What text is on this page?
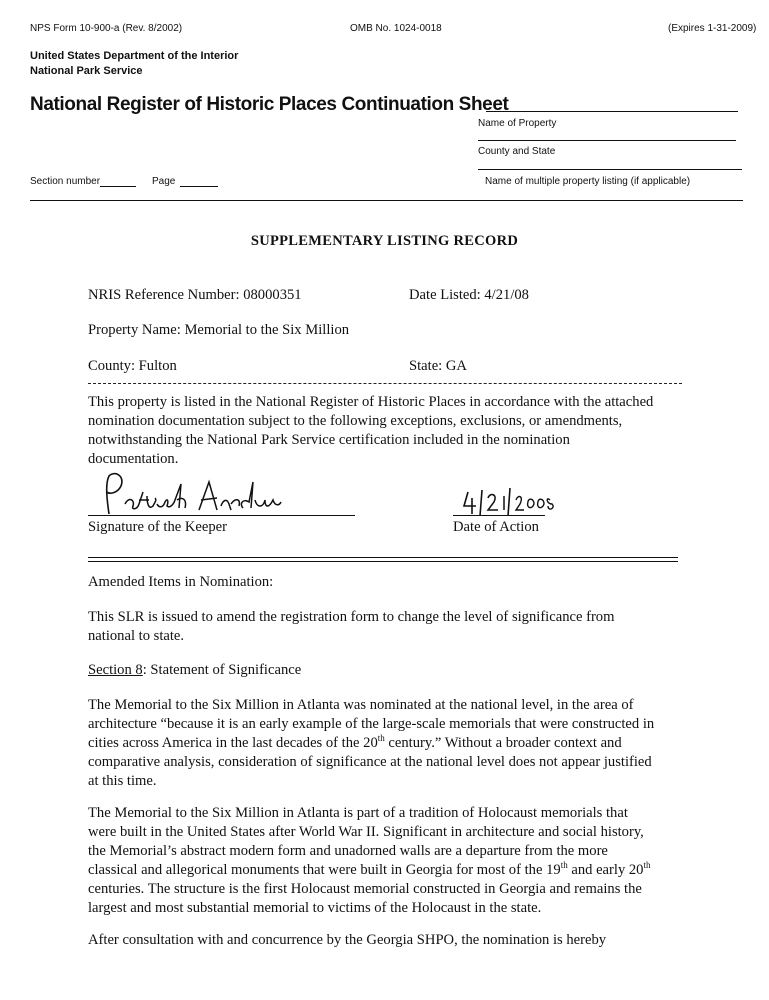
NPS Form 10-900-a (Rev. 8/2002)	OMB No. 1024-0018	(Expires 1-31-2009)
United States Department of the Interior
National Park Service
National Register of Historic Places Continuation Sheet
Name of Property
County and State
Name of multiple property listing (if applicable)
Section number	Page
SUPPLEMENTARY LISTING RECORD
NRIS Reference Number: 08000351	Date Listed: 4/21/08
Property Name: Memorial to the Six Million
County: Fulton	State: GA
This property is listed in the National Register of Historic Places in accordance with the attached
nomination documentation subject to the following exceptions, exclusions, or amendments,
notwithstanding the National Park Service certification included in the nomination
documentation.
Signature of the Keeper	Date of Action
Amended Items in Nomination:
This SLR is issued to amend the registration form to change the level of significance from
national to state.
Section 8: Statement of Significance
The Memorial to the Six Million in Atlanta was nominated at the national level, in the area of
architecture “because it is an early example of the large-scale memorials that were constructed in
cities across America in the last decades of the 20th century.” Without a broader context and
comparative analysis, consideration of significance at the national level does not appear justified
at this time.
The Memorial to the Six Million in Atlanta is part of a tradition of Holocaust memorials that
were built in the United States after World War II. Significant in architecture and social history,
the Memorial’s abstract modern form and unadorned walls are a departure from the more
classical and allegorical monuments that were built in Georgia for most of the 19th and early 20th
centuries. The structure is the first Holocaust memorial constructed in Georgia and remains the
largest and most substantial memorial to victims of the Holocaust in the state.
After consultation with and concurrence by the Georgia SHPO, the nomination is hereby
